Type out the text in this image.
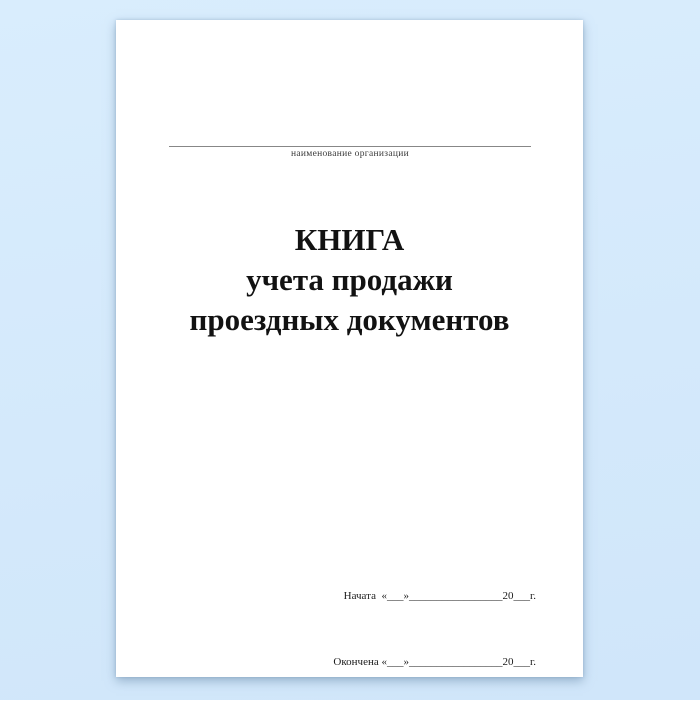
наименование организации
КНИГА
учета продажи
проездных документов

Начата  «___»_________________20___г.

Окончена «___»_________________20___г.
